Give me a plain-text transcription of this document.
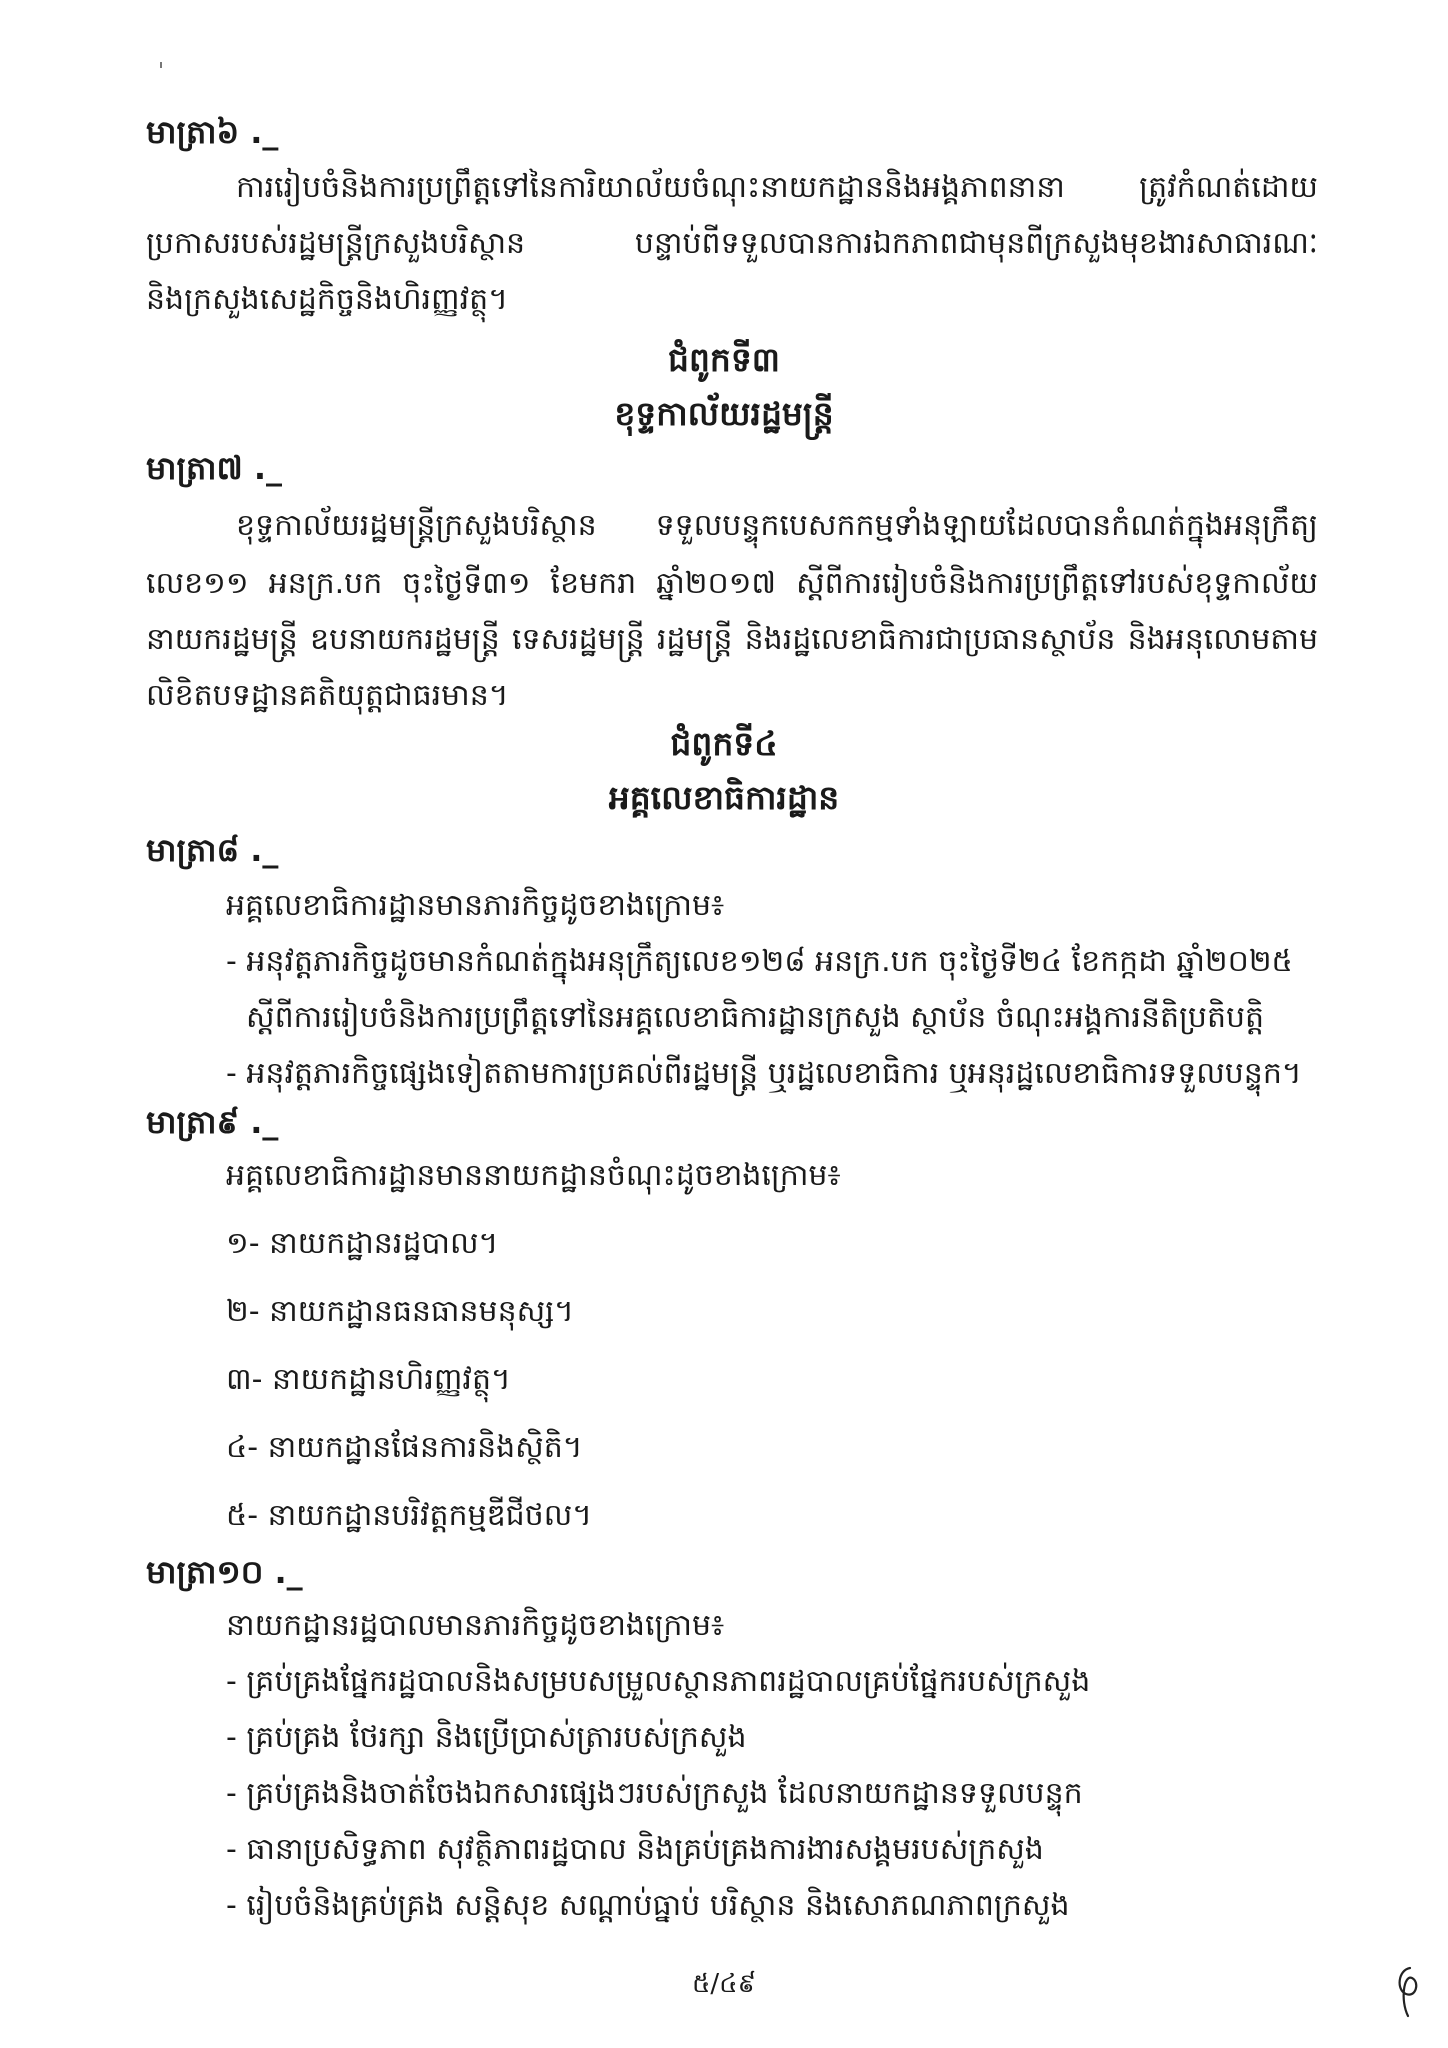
មាត្រា៦ ._
ការរៀបចំនិងការប្រព្រឹត្តទៅនៃការិយាល័យចំណុះនាយកដ្ឋាននិងអង្គភាពនានា ត្រូវកំណត់ដោយ
ប្រកាសរបស់រដ្ឋមន្ត្រីក្រសួងបរិស្ថាន បន្ទាប់ពីទទួលបានការឯកភាពជាមុនពីក្រសួងមុខងារសាធារណៈ
និងក្រសួងសេដ្ឋកិច្ចនិងហិរញ្ញវត្ថុ។
ជំពូកទី៣
ខុទ្ទកាល័យរដ្ឋមន្ត្រី
មាត្រា៧ ._
ខុទ្ទកាល័យរដ្ឋមន្ត្រីក្រសួងបរិស្ថាន ទទួលបន្ទុកបេសកកម្មទាំងឡាយដែលបានកំណត់ក្នុងអនុក្រឹត្យ
លេខ១១ អនក្រ.បក ចុះថ្ងៃទី៣១ ខែមករា ឆ្នាំ២០១៧ ស្តីពីការរៀបចំនិងការប្រព្រឹត្តទៅរបស់ខុទ្ទកាល័យ
នាយករដ្ឋមន្ត្រី ឧបនាយករដ្ឋមន្ត្រី ទេសរដ្ឋមន្ត្រី រដ្ឋមន្ត្រី និងរដ្ឋលេខាធិការជាប្រធានស្ថាប័ន និងអនុលោមតាម
លិខិតបទដ្ឋានគតិយុត្តជាធរមាន។
ជំពូកទី៤
អគ្គលេខាធិការដ្ឋាន
មាត្រា៨ ._
អគ្គលេខាធិការដ្ឋានមានភារកិច្ចដូចខាងក្រោម៖
- អនុវត្តភារកិច្ចដូចមានកំណត់ក្នុងអនុក្រឹត្យលេខ១២៨ អនក្រ.បក ចុះថ្ងៃទី២៤ ខែកក្កដា ឆ្នាំ២០២៥
ស្តីពីការរៀបចំនិងការប្រព្រឹត្តទៅនៃអគ្គលេខាធិការដ្ឋានក្រសួង ស្ថាប័ន ចំណុះអង្គការនីតិប្រតិបត្តិ
- អនុវត្តភារកិច្ចផ្សេងទៀតតាមការប្រគល់ពីរដ្ឋមន្ត្រី ឬរដ្ឋលេខាធិការ ឬអនុរដ្ឋលេខាធិការទទួលបន្ទុក។
មាត្រា៩ ._
អគ្គលេខាធិការដ្ឋានមាននាយកដ្ឋានចំណុះដូចខាងក្រោម៖
១- នាយកដ្ឋានរដ្ឋបាល។
២- នាយកដ្ឋានធនធានមនុស្ស។
៣- នាយកដ្ឋានហិរញ្ញវត្ថុ។
៤- នាយកដ្ឋានផែនការនិងស្ថិតិ។
៥- នាយកដ្ឋានបរិវត្តកម្មឌីជីថល។
មាត្រា១០ ._
នាយកដ្ឋានរដ្ឋបាលមានភារកិច្ចដូចខាងក្រោម៖
- គ្រប់គ្រងផ្នែករដ្ឋបាលនិងសម្របសម្រួលស្ថានភាពរដ្ឋបាលគ្រប់ផ្នែករបស់ក្រសួង
- គ្រប់គ្រង ថែរក្សា និងប្រើប្រាស់ត្រារបស់ក្រសួង
- គ្រប់គ្រងនិងចាត់ចែងឯកសារផ្សេងៗរបស់ក្រសួង ដែលនាយកដ្ឋានទទួលបន្ទុក
- ធានាប្រសិទ្ធភាព សុវត្ថិភាពរដ្ឋបាល និងគ្រប់គ្រងការងារសង្គមរបស់ក្រសួង
- រៀបចំនិងគ្រប់គ្រង សន្តិសុខ សណ្តាប់ធ្នាប់ បរិស្ថាន និងសោភណភាពក្រសួង
៥/៤៩
